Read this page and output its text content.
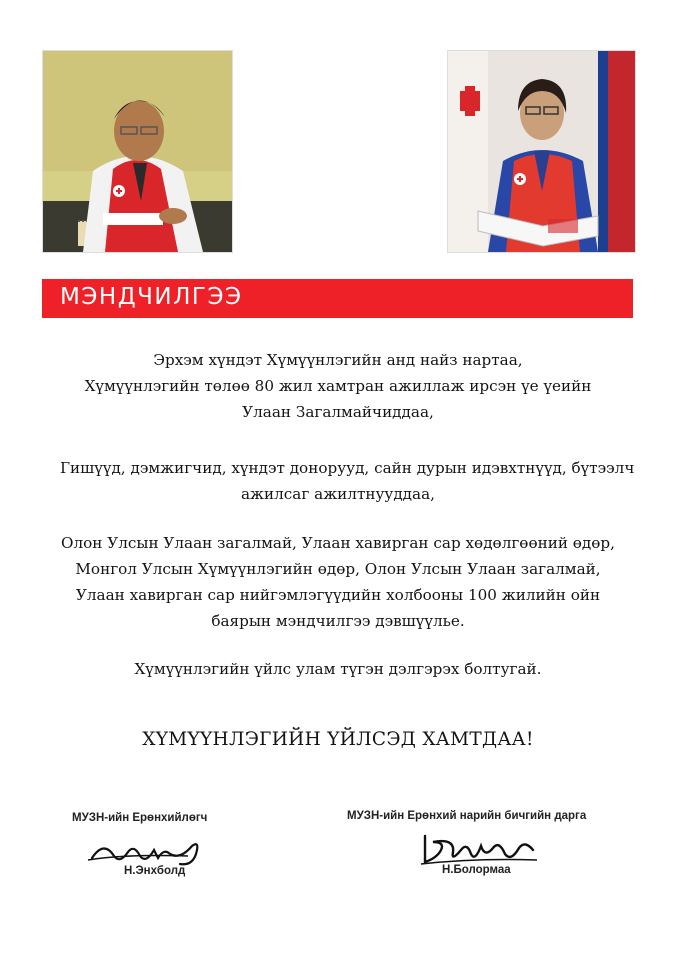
МЭНДЧИЛГЭЭ
Эрхэм хүндэт Хүмүүнлэгийн анд найз нартаа,
Хүмүүнлэгийн төлөө 80 жил хамтран ажиллаж ирсэн үе үеийн
Улаан Загалмайчиддаа,
Гишүүд, дэмжигчид, хүндэт донорууд, сайн дурын идэвхтнүүд, бүтээлч
ажилсаг ажилтнууддаа,
Олон Улсын Улаан загалмай, Улаан хавирган сар хөдөлгөөний өдөр,
Монгол Улсын Хүмүүнлэгийн өдөр, Олон Улсын Улаан загалмай,
Улаан хавирган сар нийгэмлэгүүдийн холбооны 100 жилийн ойн
баярын мэндчилгээ дэвшүүлье.
Хүмүүнлэгийн үйлс улам түгэн дэлгэрэх болтугай.
ХҮМҮҮНЛЭГИЙН ҮЙЛСЭД ХАМТДАА!
МУЗН-ийн Ерөнхийлөгч
Н.Энхболд
МУЗН-ийн Ерөнхий нарийн бичгийн дарга
Н.Болормаа
